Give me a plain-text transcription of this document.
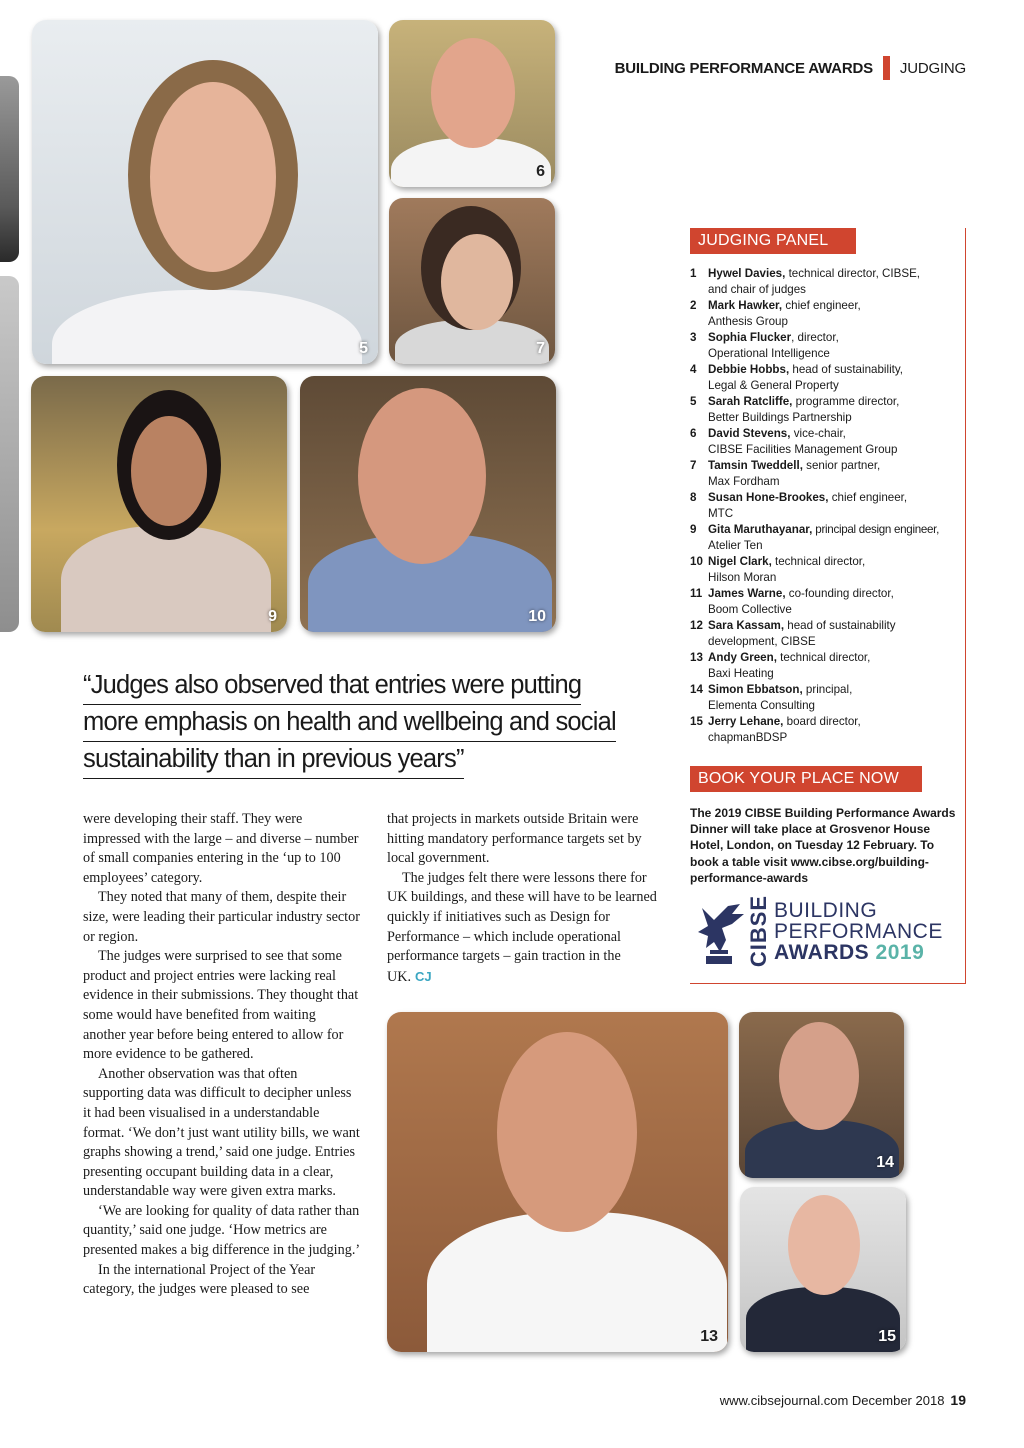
5
6
7
9	10
BUILDING PERFORMANCE AWARDS JUDGING
JUDGING PANEL
1 Hywel Davies, technical director, CIBSE,
and chair of judges
2 Mark Hawker, chief engineer,
Anthesis Group
3 Sophia Flucker, director,
Operational Intelligence
4 Debbie Hobbs, head of sustainability,
Legal & General Property
5 Sarah Ratcliffe, programme director,
Better Buildings Partnership
6 David Stevens, vice-chair,
CIBSE Facilities Management Group
7 Tamsin Tweddell, senior partner,
Max Fordham
8 Susan Hone-Brookes, chief engineer,
MTC
9 Gita Maruthayanar, principal design engineer,
Atelier Ten
10 Nigel Clark, technical director,
Hilson Moran
11 James Warne, co-founding director,
Boom Collective
12 Sara Kassam, head of sustainability
development, CIBSE
13 Andy Green, technical director,
Baxi Heating
14 Simon Ebbatson, principal,
Elementa Consulting
15 Jerry Lehane, board director,
chapmanBDSP
BOOK YOUR PLACE NOW

The 2019 CIBSE Building Performance Awards Dinner will take place at Grosvenor House Hotel, London, on Tuesday 12 February. To book a table visit www.cibse.org/building-performance-awards

CIBSE BUILDING
PERFORMANCE
AWARDS 2019
“Judges also observed that entries were putting
more emphasis on health and wellbeing and social
sustainability than in previous years”

were developing their staff. They were impressed with the large – and diverse – number of small companies entering in the ‘up to 100 employees’ category.

They noted that many of them, despite their size, were leading their particular industry sector or region.

The judges were surprised to see that some product and project entries were lacking real evidence in their submissions. They thought that some would have benefited from waiting another year before being entered to allow for more evidence to be gathered.

Another observation was that often supporting data was difficult to decipher unless it had been visualised in a understandable format. ‘We don’t just want utility bills, we want graphs showing a trend,’ said one judge. Entries presenting occupant building data in a clear, understandable way were given extra marks.

‘We are looking for quality of data rather than quantity,’ said one judge. ‘How metrics are presented makes a big difference in the judging.’

In the international Project of the Year category, the judges were pleased to see

that projects in markets outside Britain were hitting mandatory performance targets set by local government.

The judges felt there were lessons there for UK buildings, and these will have to be learned quickly if initiatives such as Design for Performance – which include operational performance targets – gain traction in the UK. CJ

13
14
15
www.cibsejournal.com
December 2018 19
